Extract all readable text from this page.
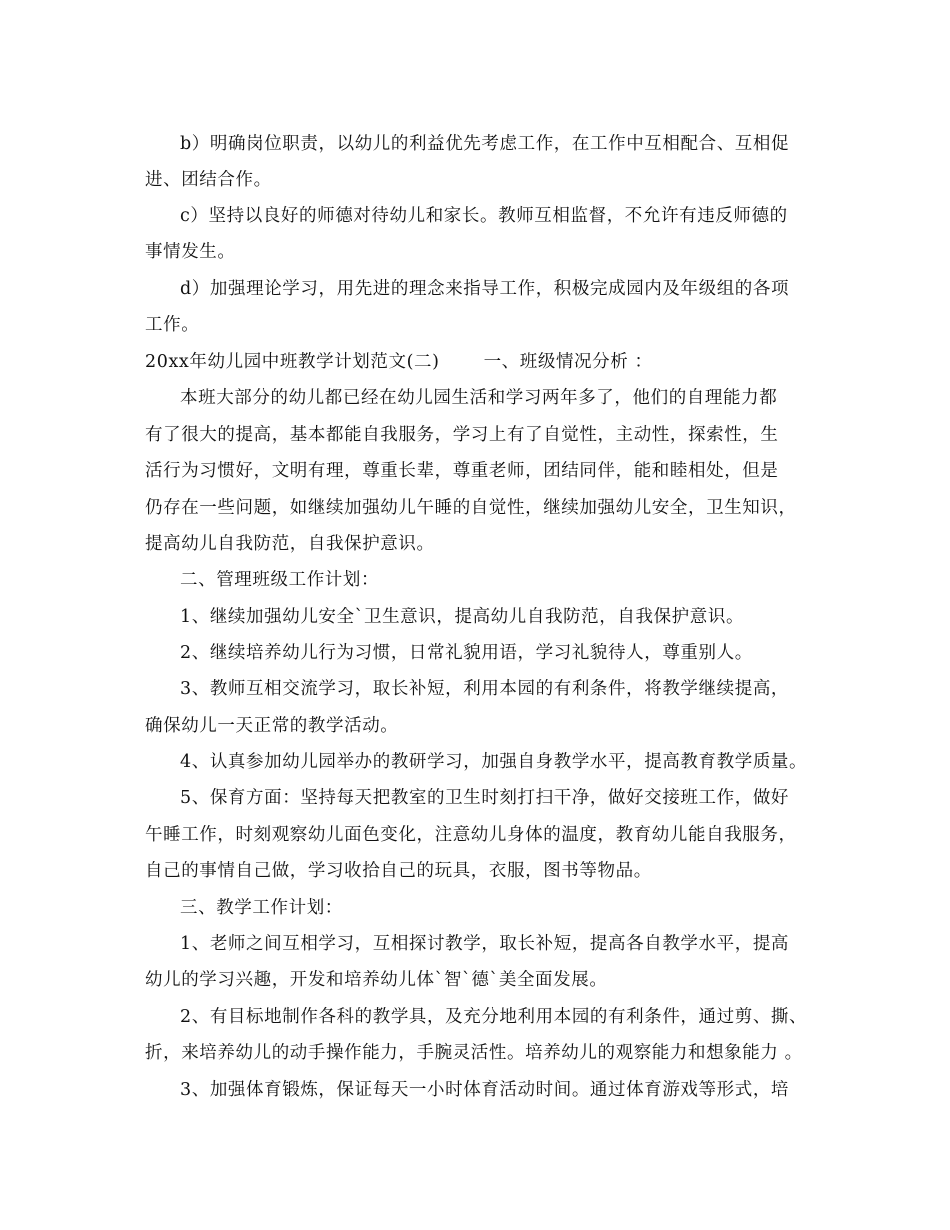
b）明确岗位职责，以幼儿的利益优先考虑工作，在工作中互相配合、互相促
进、团结合作。
c）坚持以良好的师德对待幼儿和家长。教师互相监督，不允许有违反师德的
事情发生。
d）加强理论学习，用先进的理念来指导工作，积极完成园内及年级组的各项
工作。
20xx年幼儿园中班教学计划范文(二)	一、班级情况分析 ：
本班大部分的幼儿都已经在幼儿园生活和学习两年多了，他们的自理能力都
有了很大的提高，基本都能自我服务，学习上有了自觉性，主动性，探索性，生
活行为习惯好，文明有理，尊重长辈，尊重老师，团结同伴，能和睦相处，但是
仍存在一些问题，如继续加强幼儿午睡的自觉性，继续加强幼儿安全，卫生知识，
提高幼儿自我防范，自我保护意识。
二、管理班级工作计划：
1、继续加强幼儿安全`卫生意识，提高幼儿自我防范，自我保护意识。
2、继续培养幼儿行为习惯，日常礼貌用语，学习礼貌待人，尊重别人。
3、教师互相交流学习，取长补短，利用本园的有利条件，将教学继续提高，
确保幼儿一天正常的教学活动。
4、认真参加幼儿园举办的教研学习，加强自身教学水平，提高教育教学质量。
5、保育方面：坚持每天把教室的卫生时刻打扫干净，做好交接班工作，做好
午睡工作，时刻观察幼儿面色变化，注意幼儿身体的温度，教育幼儿能自我服务，
自己的事情自己做，学习收拾自己的玩具，衣服，图书等物品。
三、教学工作计划：
1、老师之间互相学习，互相探讨教学，取长补短，提高各自教学水平，提高
幼儿的学习兴趣，开发和培养幼儿体`智`德`美全面发展。
2、有目标地制作各科的教学具，及充分地利用本园的有利条件，通过剪、撕、
折，来培养幼儿的动手操作能力，手腕灵活性。培养幼儿的观察能力和想象能力 。
3、加强体育锻炼，保证每天一小时体育活动时间。通过体育游戏等形式，培
